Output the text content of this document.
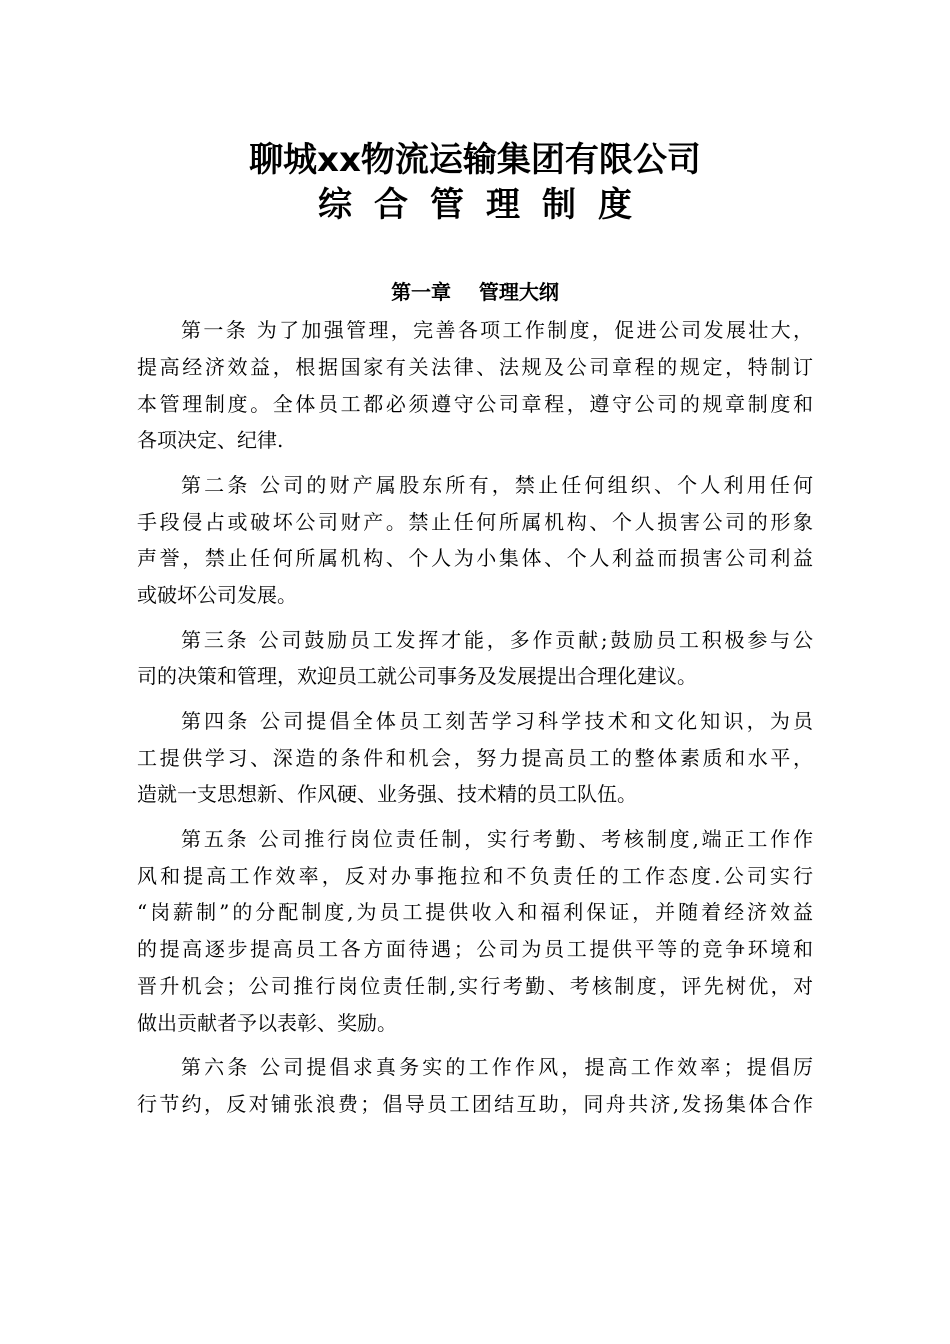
聊城xx物流运输集团有限公司
综合管理制度
第一章    管理大纲
第一条 为了加强管理，完善各项工作制度，促进公司发展壮大，
提高经济效益，根据国家有关法律、法规及公司章程的规定，特制订
本管理制度。全体员工都必须遵守公司章程，遵守公司的规章制度和
各项决定、纪律.
第二条 公司的财产属股东所有，禁止任何组织、个人利用任何
手段侵占或破坏公司财产。禁止任何所属机构、个人损害公司的形象
声誉，禁止任何所属机构、个人为小集体、个人利益而损害公司利益
或破坏公司发展。
第三条 公司鼓励员工发挥才能，多作贡献;鼓励员工积极参与公
司的决策和管理，欢迎员工就公司事务及发展提出合理化建议。
第四条 公司提倡全体员工刻苦学习科学技术和文化知识，为员
工提供学习、深造的条件和机会，努力提高员工的整体素质和水平，
造就一支思想新、作风硬、业务强、技术精的员工队伍。
第五条 公司推行岗位责任制，实行考勤、考核制度,端正工作作
风和提高工作效率，反对办事拖拉和不负责任的工作态度.公司实行
“岗薪制”的分配制度,为员工提供收入和福利保证，并随着经济效益
的提高逐步提高员工各方面待遇；公司为员工提供平等的竞争环境和
晋升机会；公司推行岗位责任制,实行考勤、考核制度，评先树优，对
做出贡献者予以表彰、奖励。
第六条 公司提倡求真务实的工作作风，提高工作效率；提倡厉
行节约，反对铺张浪费；倡导员工团结互助，同舟共济,发扬集体合作
